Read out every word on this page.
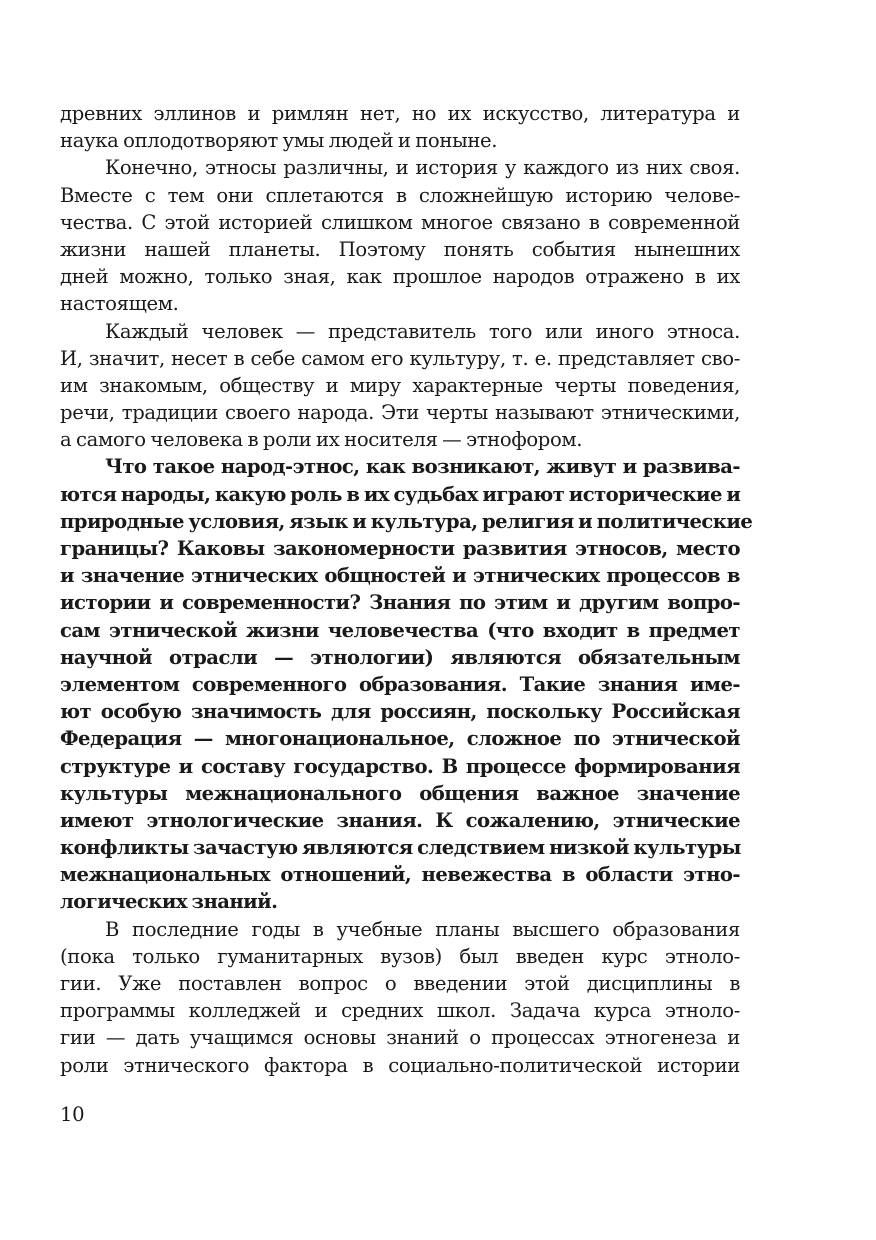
древних эллинов и римлян нет, но их искусство, литература и
наука оплодотворяют умы людей и поныне.
Конечно, этносы различны, и история у каждого из них своя.
Вместе с тем они сплетаются в сложнейшую историю челове-
чества. С этой историей слишком многое связано в современной
жизни нашей планеты. Поэтому понять события нынешних
дней можно, только зная, как прошлое народов отражено в их
настоящем.
Каждый человек — представитель того или иного этноса.
И, значит, несет в себе самом его культуру, т. е. представляет сво-
им знакомым, обществу и миру характерные черты поведения,
речи, традиции своего народа. Эти черты называют этническими,
а самого человека в роли их носителя — этнофором.
Что такое народ-этнос, как возникают, живут и развива-
ются народы, какую роль в их судьбах играют исторические и
природные условия, язык и культура, религия и политические
границы? Каковы закономерности развития этносов, место
и значение этнических общностей и этнических процессов в
истории и современности? Знания по этим и другим вопро-
сам этнической жизни человечества (что входит в предмет
научной отрасли — этнологии) являются обязательным
элементом современного образования. Такие знания име-
ют особую значимость для россиян, поскольку Российская
Федерация — многонациональное, сложное по этнической
структуре и составу государство. В процессе формирования
культуры межнационального общения важное значение
имеют этнологические знания. К сожалению, этнические
конфликты зачастую являются следствием низкой культуры
межнациональных отношений, невежества в области этно-
логических знаний.
В последние годы в учебные планы высшего образования
(пока только гуманитарных вузов) был введен курс этноло-
гии. Уже поставлен вопрос о введении этой дисциплины в
программы колледжей и средних школ. Задача курса этноло-
гии — дать учащимся основы знаний о процессах этногенеза и
роли этнического фактора в социально-политической истории
10
